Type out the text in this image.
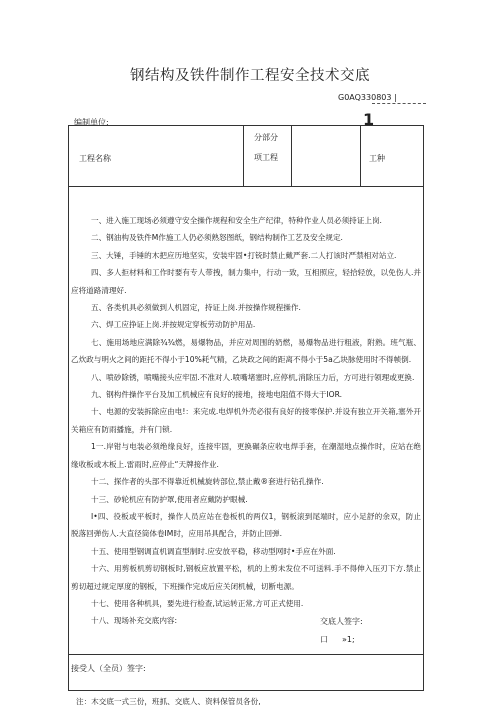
钢结构及铁件制作工程安全技术交底
G0AQ330803 |
1
编制单位:
工程名称
分部分
项工程	工种
一、进入施工现场必须遵守安全操作规程和安全生产纪律，特种作业人员必须持证上岗.
二、钢油构及铁件M作施工人仍必须熟怒图纸，钢结构制作工艺及安全规定.
三、大锤，手锤的木把应历地坚实，安装牢固•打铳时禁止戴严套.二人打该时严禁相对站立.
四、多人拒材料和工作时要有专人带拽，制力集中，行动一致，互相照应，轻拾轻放，以免伤人.并应将道路清理好.
五、各类机具必须做到人机固定，持证上岗.并按操作规程操作.
六、焊工应挣证上岗.并按规定穿板劳动防护用品.
七、施用场地应满除¾¾燃，易爆物品，并应对周围的奶燃，易爆物品进行粗液，附熟。班气瓶、乙炊政与明火之间的距托不得小于10%耗气精，乙块政之间的距离不得小于5a乙块脉使用时不得帧倒.
八、喷砂除锈，喷嘴接头应牢固.不准对人.喷嘴堵塞时,应停机,消除压力后，方可进行领理或更换.
九、钢构件操作平台及加工机械应有良好的接地，接地电阻值不得大于IOR.
十、电源的安装拆除应由电!：来完成.电焊机外壳必很有良好的接零保护.并设有独立开关箱,塞外开关箱应有防雨播施，并有门锁.
1一.岸钳与电装必须绝缘良好，连接牢固，更换碾条应收电焊手套，在潮湿地点操作时，应站在绝缘收板或木板上.雷雨时,应停止“天牌接作业.
十二、探作者的头部不得靠近机械旋转部位,禁止戴®套进行钻孔操作.
十三、砂轮机应有防护罩,使用者应戴防护眼械.
I•四、役板或平板时，操作人员应站在卷板机的两仅1，钢板滚到尾端时，应小足舒的余双，防止脱落回弹伤人.大直径筒体卷IM时，应用吊具配合，并防止回弹.
十五、使用型钢调直机调直型制时.应安放平稳，移动型网时•手应在外面.
十六、用剪板机剪切钢板时,钢板应放置平松，机的上剪未发位不可送料.手不得伸入压刃下方.禁止剪切超过规定厚度的钢板，下班操作完成后应关闭机械，切断电源。
十七、使用各种机具，要先进行检查,试运转正常,方可正式使用.
十八、现场补充交底内容:	交底人签字:
口 »1;
接受人（全员）签字:
注：木交底一式三份，班抓、交底人、资料保管员各份,
